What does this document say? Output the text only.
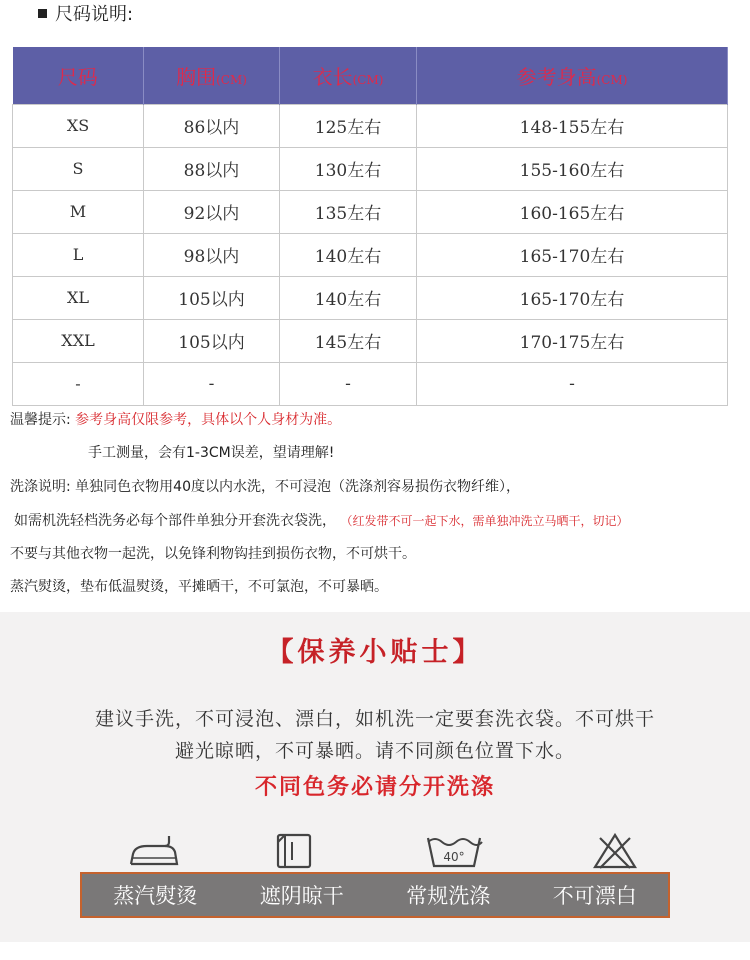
尺码说明:
尺码	胸围(CM)	衣长(CM)	参考身高(CM)
XS	86以内	125左右	148-155左右
S	88以内	130左右	155-160左右
M	92以内	135左右	160-165左右
L	98以内	140左右	165-170左右
XL	105以内	140左右	165-170左右
XXL	105以内	145左右	170-175左右
-	-	-	-
温馨提示: 参考身高仅限参考，具体以个人身材为准。
手工测量，会有1-3CM误差，望请理解!
洗涤说明: 单独同色衣物用40度以内水洗，不可浸泡（洗涤剂容易损伤衣物纤维），
如需机洗轻档洗务必每个部件单独分开套洗衣袋洗， （红发带不可一起下水，需单独冲洗立马晒干，切记）
不要与其他衣物一起洗，以免锋利物钩挂到损伤衣物，不可烘干。
蒸汽熨烫，垫布低温熨烫，平摊晒干，不可氯泡，不可暴晒。
【保养小贴士】
建议手洗，不可浸泡、漂白，如机洗一定要套洗衣袋。不可烘干
避光晾晒，不可暴晒。请不同颜色位置下水。
不同色务必请分开洗涤
40°
蒸汽熨烫	遮阴晾干	常规洗涤	不可漂白
